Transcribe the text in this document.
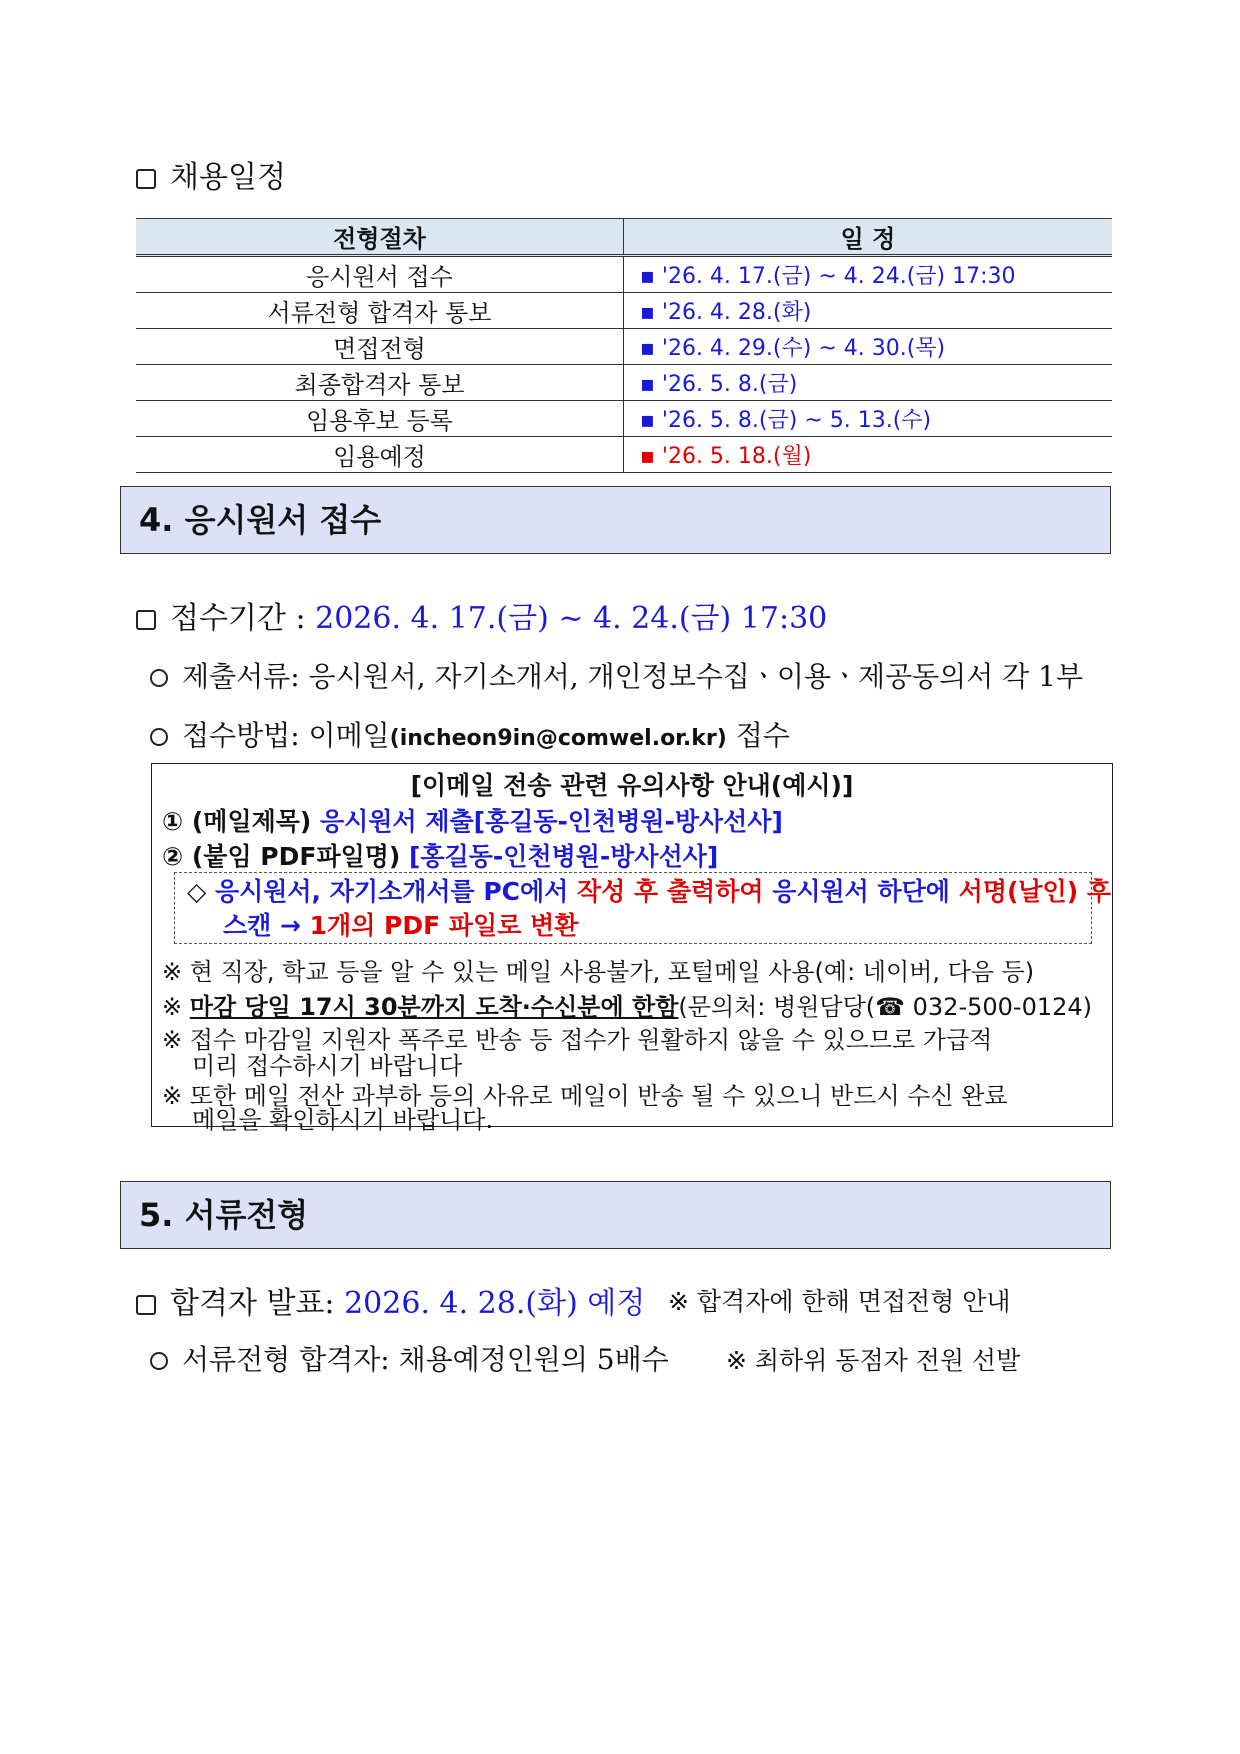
채용일정
전형절차	일 정
응시원서 접수	▪ '26. 4. 17.(금) ~ 4. 24.(금) 17:30
서류전형 합격자 통보	▪ '26. 4. 28.(화)
면접전형	▪ '26. 4. 29.(수) ~ 4. 30.(목)
최종합격자 통보	▪ '26. 5. 8.(금)
임용후보 등록	▪ '26. 5. 8.(금) ~ 5. 13.(수)
임용예정	▪ '26. 5. 18.(월)
4. 응시원서 접수
접수기간 : 2026. 4. 17.(금) ~ 4. 24.(금) 17:30
제출서류: 응시원서, 자기소개서, 개인정보수집ㆍ이용ㆍ제공동의서 각 1부
접수방법: 이메일(incheon9in@comwel.or.kr) 접수
[이메일 전송 관련 유의사항 안내(예시)]
① (메일제목) 응시원서 제출[홍길동-인천병원-방사선사]
② (붙임 PDF파일명) [홍길동-인천병원-방사선사]
◇ 응시원서, 자기소개서를 PC에서 작성 후 출력하여 응시원서 하단에 서명(날인) 후
스캔 → 1개의 PDF 파일로 변환
※ 현 직장, 학교 등을 알 수 있는 메일 사용불가, 포털메일 사용(예: 네이버, 다음 등)
※ 마감 당일 17시 30분까지 도착·수신분에 한함(문의처: 병원담당(☎ 032-500-0124)
※ 접수 마감일 지원자 폭주로 반송 등 접수가 원활하지 않을 수 있으므로 가급적
미리 접수하시기 바랍니다
※ 또한 메일 전산 과부하 등의 사유로 메일이 반송 될 수 있으니 반드시 수신 완료
메일을 확인하시기 바랍니다.
5. 서류전형
합격자 발표: 2026. 4. 28.(화) 예정 ※ 합격자에 한해 면접전형 안내
서류전형 합격자: 채용예정인원의 5배수 ※ 최하위 동점자 전원 선발
